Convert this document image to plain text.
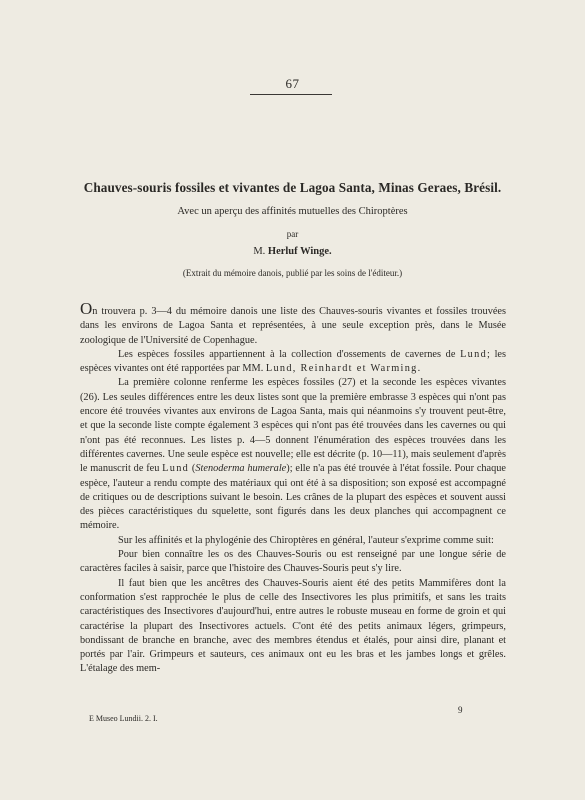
67
Chauves-souris fossiles et vivantes de Lagoa Santa, Minas Geraes, Brésil.
Avec un aperçu des affinités mutuelles des Chiroptères
par
M. Herluf Winge.
(Extrait du mémoire danois, publié par les soins de l'éditeur.)

On trouvera p. 3—4 du mémoire danois une liste des Chauves-souris vivantes et fossiles trouvées dans les environs de Lagoa Santa et représentées, à une seule exception près, dans le Musée zoologique de l'Université de Copenhague.

Les espèces fossiles appartiennent à la collection d'ossements de cavernes de Lund; les espèces vivantes ont été rapportées par MM. Lund, Reinhardt et Warming.

La première colonne renferme les espèces fossiles (27) et la seconde les espèces vivantes (26). Les seules différences entre les deux listes sont que la première embrasse 3 espèces qui n'ont pas encore été trouvées vivantes aux environs de Lagoa Santa, mais qui néanmoins s'y trouvent peut-être, et que la seconde liste compte également 3 espèces qui n'ont pas été trouvées dans les cavernes ou qui n'ont pas été reconnues. Les listes p. 4—5 donnent l'énumération des espèces trouvées dans les différentes cavernes. Une seule espèce est nouvelle; elle est décrite (p. 10—11), mais seulement d'après le manuscrit de feu Lund (Stenoderma humerale); elle n'a pas été trouvée à l'état fossile. Pour chaque espèce, l'auteur a rendu compte des matériaux qui ont été à sa disposition; son exposé est accompagné de critiques ou de descriptions suivant le besoin. Les crânes de la plupart des espèces et souvent aussi des pièces caractéristiques du squelette, sont figurés dans les deux planches qui accompagnent ce mémoire.

Sur les affinités et la phylogénie des Chiroptères en général, l'auteur s'exprime comme suit:

Pour bien connaître les os des Chauves-Souris ou est renseigné par une longue série de caractères faciles à saisir, parce que l'histoire des Chauves-Souris peut s'y lire.

Il faut bien que les ancêtres des Chauves-Souris aient été des petits Mammifères dont la conformation s'est rapprochée le plus de celle des Insectivores les plus primitifs, et sans les traits caractéristiques des Insectivores d'aujourd'hui, entre autres le robuste museau en forme de groin et qui caractérise la plupart des Insectivores actuels. C'ont été des petits animaux légers, grimpeurs, bondissant de branche en branche, avec des membres étendus et étalés, pour ainsi dire, planant et portés par l'air. Grimpeurs et sauteurs, ces animaux ont eu les bras et les jambes longs et grêles. L'étalage des mem-

E Museo Lundii. 2. I.
9
